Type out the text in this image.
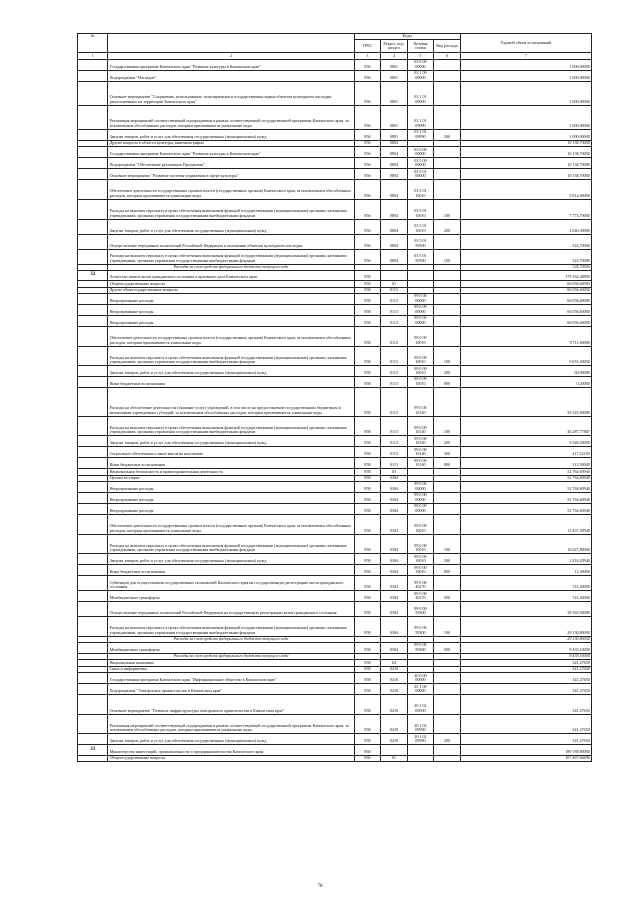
№		Коды				Годовой объем ассигнований
		ГРБС	Раздел, под-раздел	Целевая статья	Вид расхода	
1	2	3	4	5	6	7
	Государственная программа Камчатского края "Развитие культуры в Камчатском крае"	856	0801	03 0 00 00000		1 000,00000
	Подпрограмма "Наследие"	856	0801	03 1 00 00000		1 000,00000
	Основное мероприятие "Сохранение, использование, популяризация и государственная охрана объектов культурного наследия, расположенных на территории Камчатского края"	856	0801	03 1 01 00000		1 000,00000
	Реализация мероприятий соответствующей подпрограммы в рамках соответствующей государственной программы Камчатского края, за исключением обособленных расходов, которым присваиваются уникальные коды	856	0801	03 1 01 09990		1 000,00000
	Закупка товаров, работ и услуг для обеспечения государственных (муниципальных) нужд	856	0801	03 1 01 09990	200	1 000,00000
	Другие вопросы в области культуры, кинематографии	856	0804			10 138,70000
	Государственная программа Камчатского края "Развитие культуры в Камчатском крае"	856	0804	03 0 00 00000		10 138,70000
	Подпрограмма "Обеспечение реализации Программы"	856	0804	03 5 00 00000		10 138,70000
	Основное мероприятие "Развитие системы управления в сфере культуры"	856	0804	03 5 01 00000		10 138,70000
	Обеспечение деятельности государственных органов власти (государственных органов) Камчатского края, за исключением обособленных расходов, которым присваиваются уникальные коды	856	0804	03 5 01 10010		9 814,00000
	Расходы на выплаты персоналу в целях обеспечения выполнения функций государственными (муниципальными) органами, казенными учреждениями, органами управления государственными внебюджетными фондами	856	0804	03 5 01 10010	100	7 773,70000
	Закупка товаров, работ и услуг для обеспечения государственных (муниципальных) нужд	856	0804	03 5 01 10010	200	2 040,30000
	Осуществление переданных полномочий Российской Федерации в отношении объектов культурного наследия	856	0804	03 5 01 59500		324,70000
	Расходы на выплаты персоналу в целях обеспечения выполнения функций государственными (муниципальными) органами, казенными учреждениями, органами управления государственными внебюджетными фондами	856	0804	03 5 01 59500	100	324,70000
	Расходы за счет средств федерального бюджета текущего года					324,70000
32	Агентство записи актов гражданского состояния и архивного дела Камчатского края	858				179 162,48890
	Общегосударственные вопросы	858	01			66 056,60000
	Другие общегосударственные вопросы	858	0113			66 056,60000
	Непрограммные расходы	858	0113	99 0 00 00000		66 056,60000
	Непрограммные расходы	858	0113	99 0 00 00000		66 056,60000
	Непрограммные расходы	858	0113	99 0 00 00000		66 056,60000
	Обеспечение деятельности государственных органов власти (государственных органов) Камчатского края, за исключением обособленных расходов, которым присваиваются уникальные коды	858	0113	99 0 00 10010		9 711,60000
	Расходы на выплаты персоналу в целях обеспечения выполнения функций государственными (муниципальными) органами, казенными учреждениями, органами управления государственными внебюджетными фондами	858	0113	99 0 00 10010	100	9 651,40000
	Закупка товаров, работ и услуг для обеспечения государственных (муниципальных) нужд	858	0113	99 0 00 10010	200	60,00000
	Иные бюджетные ассигнования	858	0113	99 0 00 10010	800	0,20000
	Расходы на обеспечение деятельности (оказание услуг) учреждений, в том числе на предоставление государственным бюджетным и автономным учреждениям субсидий, за исключением обособленных расходов, которым присваиваются уникальные коды	858	0113	99 0 00 10140		56 345,00000
	Расходы на выплаты персоналу в целях обеспечения выполнения функций государственными (муниципальными) органами, казенными учреждениями, органами управления государственными внебюджетными фондами	858	0113	99 0 00 10140	100	46 287,77807
	Закупка товаров, работ и услуг для обеспечения государственных (муниципальных) нужд	858	0113	99 0 00 10140	200	9 346,50000
	Социальное обеспечение и иные выплаты населению	858	0113	99 0 00 10140	300	417,22193
	Иные бюджетные ассигнования	858	0113	99 0 00 10140	800	313,50000
	Национальная безопасность и правоохранительная деятельность	858	03			52 764,60940
	Органы юстиции	858	0304			52 764,60940
	Непрограммные расходы	858	0304	99 0 00 00000		52 764,60940
	Непрограммные расходы	858	0304	99 0 00 00000		52 764,60940
	Непрограммные расходы	858	0304	99 0 00 00000		52 764,60940
	Обеспечение деятельности государственных органов власти (государственных органов) Камчатского края, за исключением обособленных расходов, которым присваиваются уникальные коды	858	0304	99 0 00 10010		13 457,30940
	Расходы на выплаты персоналу в целях обеспечения выполнения функций государственными (муниципальными) органами, казенными учреждениями, органами управления государственными внебюджетными фондами	858	0304	99 0 00 10010	100	10 627,80000
	Закупка товаров, работ и услуг для обеспечения государственных (муниципальных) нужд	858	0304	99 0 00 10010	200	2 816,20940
	Иные бюджетные ассигнования	858	0304	99 0 00 10010	800	13,30000
	Субвенции для осуществления государственных полномочий Камчатского края на государственную регистрацию актов гражданского состояния	858	0304	99 0 00 40270		741,40000
	Межбюджетные трансферты	858	0304	99 0 00 40270	500	741,40000
	Осуществление переданных полномочий Российской Федерации на государственную регистрацию актов гражданского состояния	858	0304	99 0 00 59300		38 565,90000
	Расходы на выплаты персоналу в целях обеспечения выполнения функций государственными (муниципальными) органами, казенными учреждениями, органами управления государственными внебюджетными фондами	858	0304	99 0 00 59300	100	29 130,80000
	Расходы за счет средств федерального бюджета текущего года					29 130,80000
	Межбюджетные трансферты	858	0304	99 0 00 59300	500	9 435,10000
	Расходы за счет средств федерального бюджета текущего года					9 435,10000
	Национальная экономика	858	04			341,27650
	Связь и информатика	858	0410			341,27650
	Государственная программа Камчатского края "Информационное общество в Камчатском крае"	858	0410	20 0 00 00000		341,27650
	Подпрограмма "Электронное правительство в Камчатском крае"	858	0410	20 1 00 00000		341,27650
	Основное мероприятие "Развитие инфраструктуры электронного правительства в Камчатском крае"	858	0410	20 1 02 00000		341,27650
	Реализация мероприятий соответствующей подпрограммы в рамках соответствующей государственной программы Камчатского края, за исключением обособленных расходов, которым присваиваются уникальные коды	858	0410	20 1 02 09990		341,27650
	Закупка товаров, работ и услуг для обеспечения государственных (муниципальных) нужд	858	0410	20 1 02 09990	200	341,27650
33	Министерство инвестиций, промышленности и предпринимательства Камчатского края	860				189 789,80000
	Общегосударственные вопросы	860	01			107 467,66696
78
